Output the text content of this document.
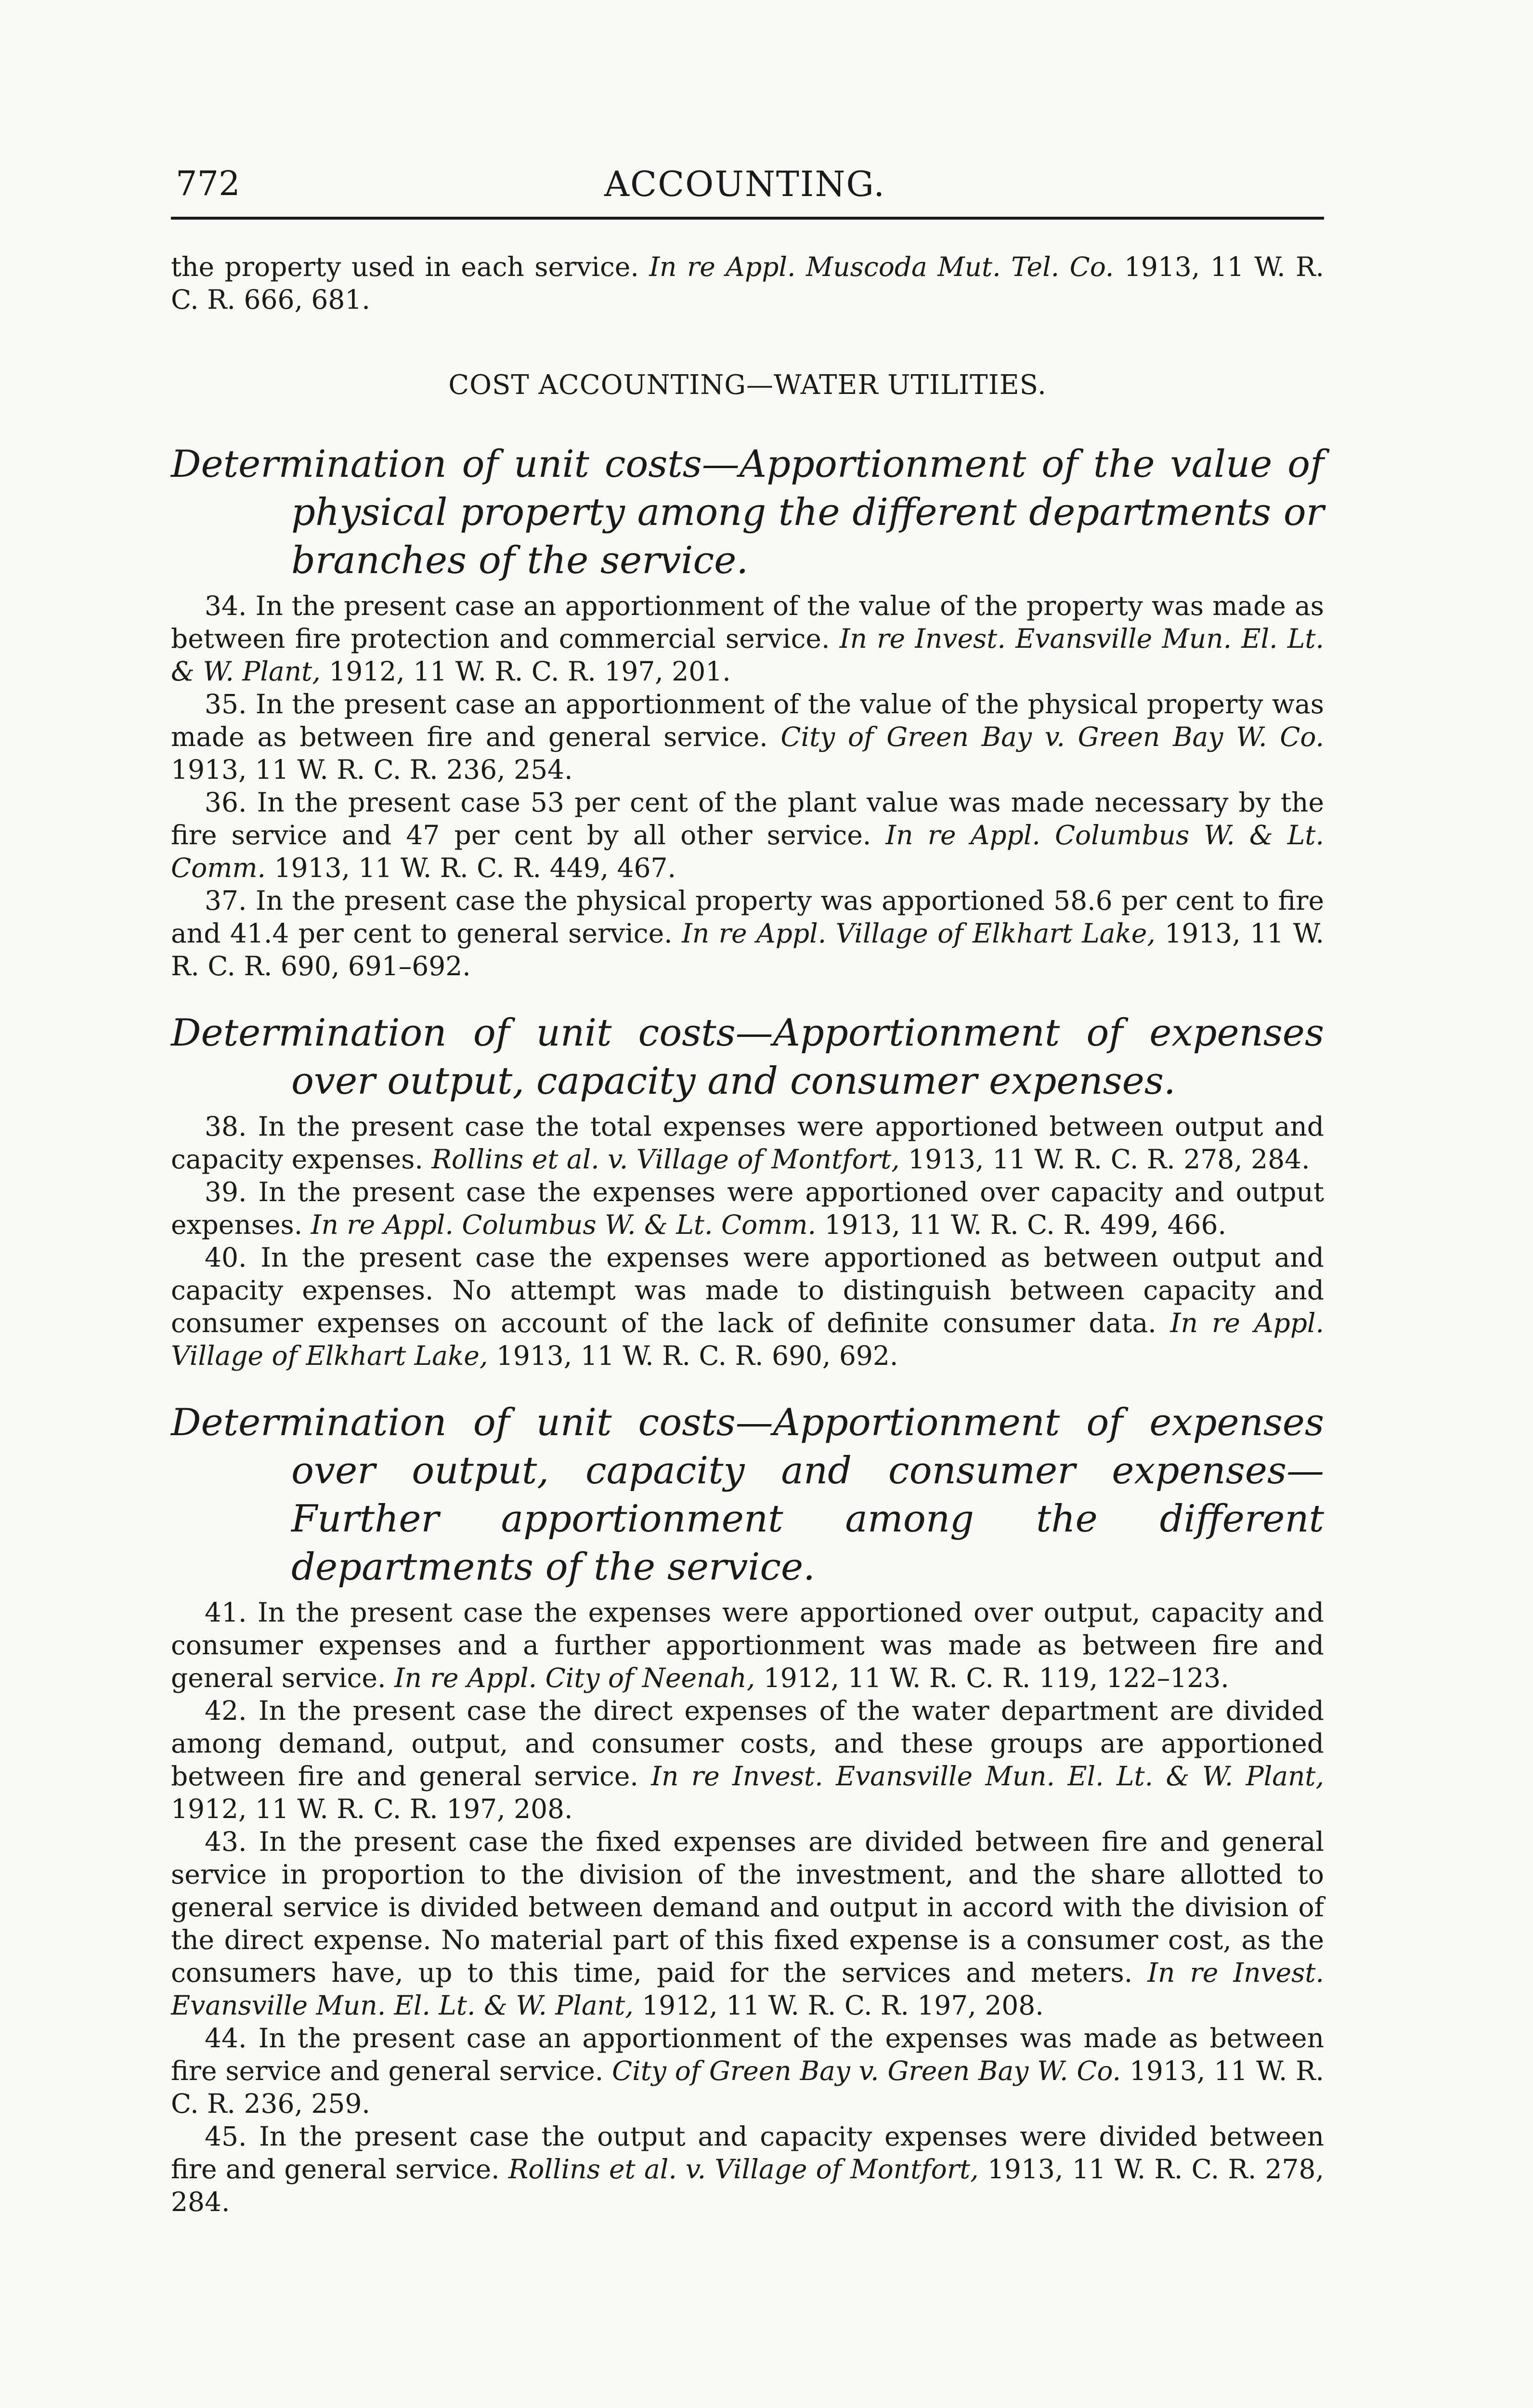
772	ACCOUNTING.

the property used in each service. In re Appl. Muscoda Mut. Tel. Co. 1913, 11 W. R. C. R. 666, 681.

COST ACCOUNTING—WATER UTILITIES.
Determination of unit costs—Apportionment of the value of physical property among the different departments or branches of the service.

34. In the present case an apportionment of the value of the property was made as between fire protection and commercial service. In re Invest. Evansville Mun. El. Lt. & W. Plant, 1912, 11 W. R. C. R. 197, 201.

35. In the present case an apportionment of the value of the physical property was made as between fire and general service. City of Green Bay v. Green Bay W. Co. 1913, 11 W. R. C. R. 236, 254.

36. In the present case 53 per cent of the plant value was made necessary by the fire service and 47 per cent by all other service. In re Appl. Columbus W. & Lt. Comm. 1913, 11 W. R. C. R. 449, 467.

37. In the present case the physical property was apportioned 58.6 per cent to fire and 41.4 per cent to general service. In re Appl. Village of Elkhart Lake, 1913, 11 W. R. C. R. 690, 691–692.

Determination of unit costs—Apportionment of expenses over output, capacity and consumer expenses.

38. In the present case the total expenses were apportioned between output and capacity expenses. Rollins et al. v. Village of Montfort, 1913, 11 W. R. C. R. 278, 284.

39. In the present case the expenses were apportioned over capacity and output expenses. In re Appl. Columbus W. & Lt. Comm. 1913, 11 W. R. C. R. 499, 466.

40. In the present case the expenses were apportioned as between output and capacity expenses. No attempt was made to distinguish between capacity and consumer expenses on account of the lack of definite consumer data. In re Appl. Village of Elkhart Lake, 1913, 11 W. R. C. R. 690, 692.

Determination of unit costs—Apportionment of expenses over output, capacity and consumer expenses—Further apportionment among the different departments of the service.

41. In the present case the expenses were apportioned over output, capacity and consumer expenses and a further apportionment was made as between fire and general service. In re Appl. City of Neenah, 1912, 11 W. R. C. R. 119, 122–123.

42. In the present case the direct expenses of the water department are divided among demand, output, and consumer costs, and these groups are apportioned between fire and general service. In re Invest. Evansville Mun. El. Lt. & W. Plant, 1912, 11 W. R. C. R. 197, 208.

43. In the present case the fixed expenses are divided between fire and general service in proportion to the division of the investment, and the share allotted to general service is divided between demand and output in accord with the division of the direct expense. No material part of this fixed expense is a consumer cost, as the consumers have, up to this time, paid for the services and meters. In re Invest. Evansville Mun. El. Lt. & W. Plant, 1912, 11 W. R. C. R. 197, 208.

44. In the present case an apportionment of the expenses was made as between fire service and general service. City of Green Bay v. Green Bay W. Co. 1913, 11 W. R. C. R. 236, 259.

45. In the present case the output and capacity expenses were divided between fire and general service. Rollins et al. v. Village of Montfort, 1913, 11 W. R. C. R. 278, 284.
